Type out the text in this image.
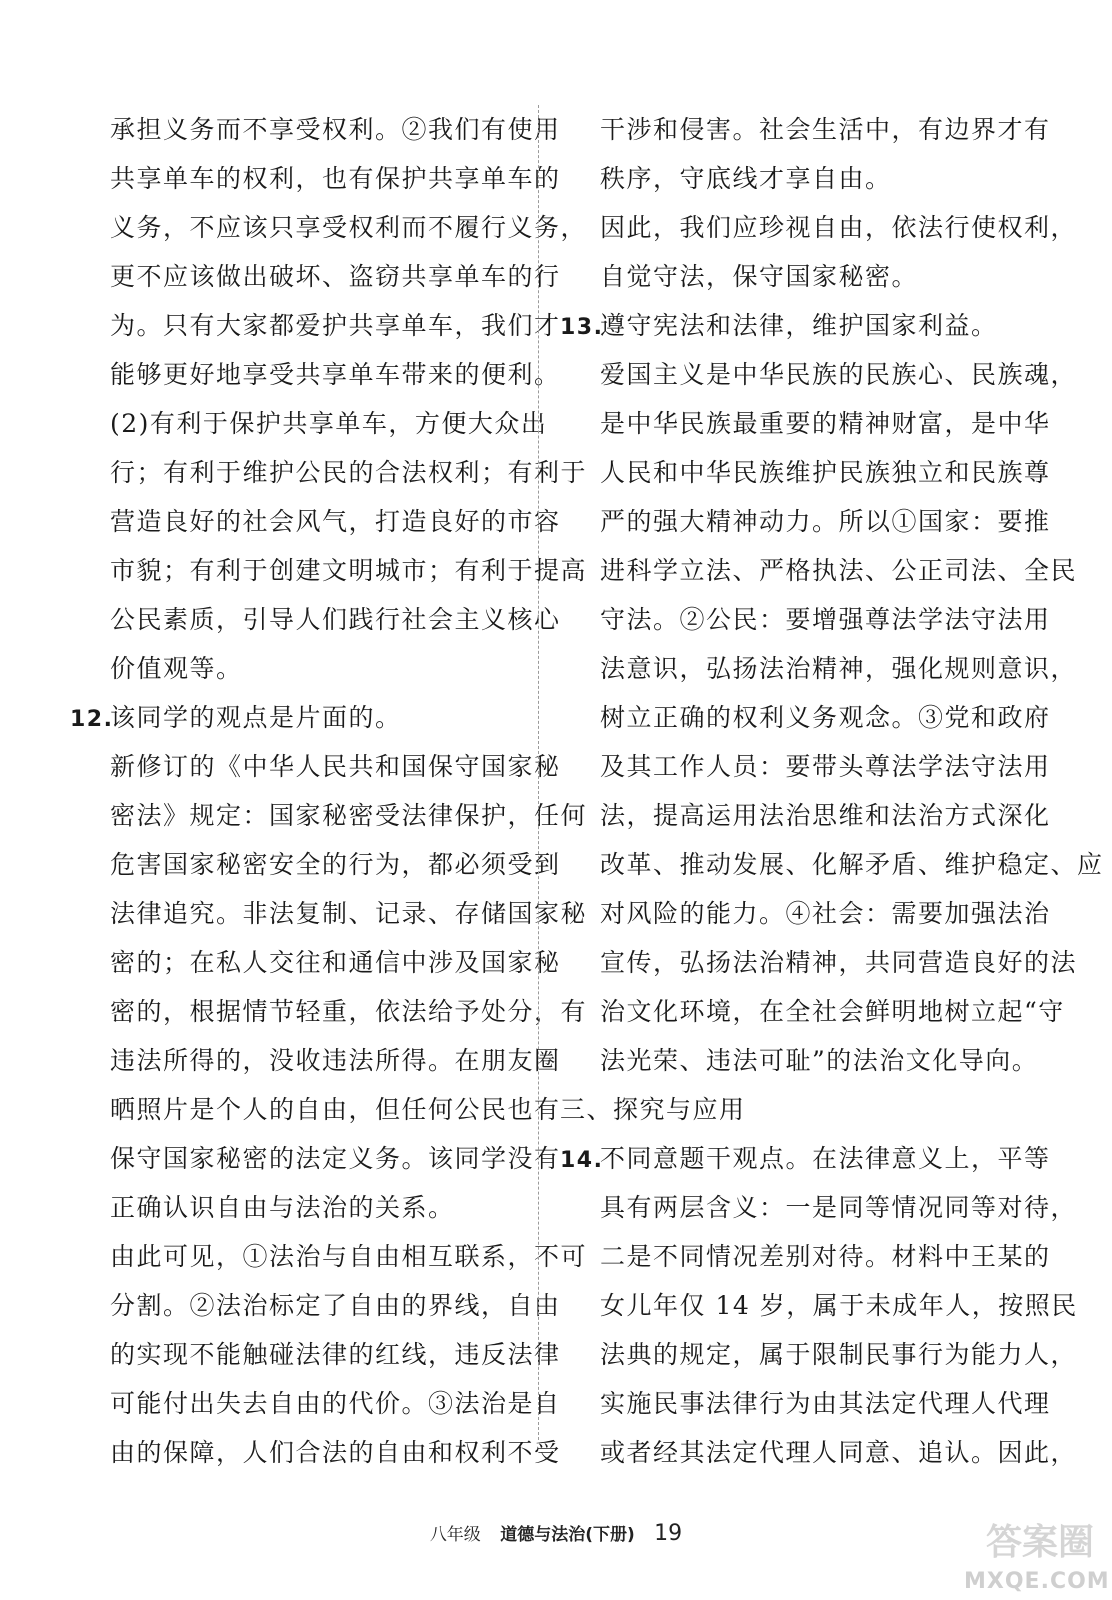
承担义务而不享受权利。②我们有使用
共享单车的权利，也有保护共享单车的
义务，不应该只享受权利而不履行义务，
更不应该做出破坏、盗窃共享单车的行
为。只有大家都爱护共享单车，我们才
能够更好地享受共享单车带来的便利。
(2)有利于保护共享单车，方便大众出
行；有利于维护公民的合法权利；有利于
营造良好的社会风气，打造良好的市容
市貌；有利于创建文明城市；有利于提高
公民素质，引导人们践行社会主义核心
价值观等。
12.该同学的观点是片面的。
新修订的《中华人民共和国保守国家秘
密法》规定：国家秘密受法律保护，任何
危害国家秘密安全的行为，都必须受到
法律追究。非法复制、记录、存储国家秘
密的；在私人交往和通信中涉及国家秘
密的，根据情节轻重，依法给予处分，有
违法所得的，没收违法所得。在朋友圈
晒照片是个人的自由，但任何公民也有
保守国家秘密的法定义务。该同学没有
正确认识自由与法治的关系。
由此可见，①法治与自由相互联系，不可
分割。②法治标定了自由的界线，自由
的实现不能触碰法律的红线，违反法律
可能付出失去自由的代价。③法治是自
由的保障，人们合法的自由和权利不受
干涉和侵害。社会生活中，有边界才有
秩序，守底线才享自由。
因此，我们应珍视自由，依法行使权利，
自觉守法，保守国家秘密。
13.遵守宪法和法律，维护国家利益。
爱国主义是中华民族的民族心、民族魂，
是中华民族最重要的精神财富，是中华
人民和中华民族维护民族独立和民族尊
严的强大精神动力。所以①国家：要推
进科学立法、严格执法、公正司法、全民
守法。②公民：要增强尊法学法守法用
法意识，弘扬法治精神，强化规则意识，
树立正确的权利义务观念。③党和政府
及其工作人员：要带头尊法学法守法用
法，提高运用法治思维和法治方式深化
改革、推动发展、化解矛盾、维护稳定、应
对风险的能力。④社会：需要加强法治
宣传，弘扬法治精神，共同营造良好的法
治文化环境，在全社会鲜明地树立起“守
法光荣、违法可耻”的法治文化导向。
三、探究与应用
14.不同意题干观点。在法律意义上，平等
具有两层含义：一是同等情况同等对待，
二是不同情况差别对待。材料中王某的
女儿年仅 14 岁，属于未成年人，按照民
法典的规定，属于限制民事行为能力人，
实施民事法律行为由其法定代理人代理
或者经其法定代理人同意、追认。因此，
八年级 道德与法治(下册) 19	答案圈
MXQE.COM
